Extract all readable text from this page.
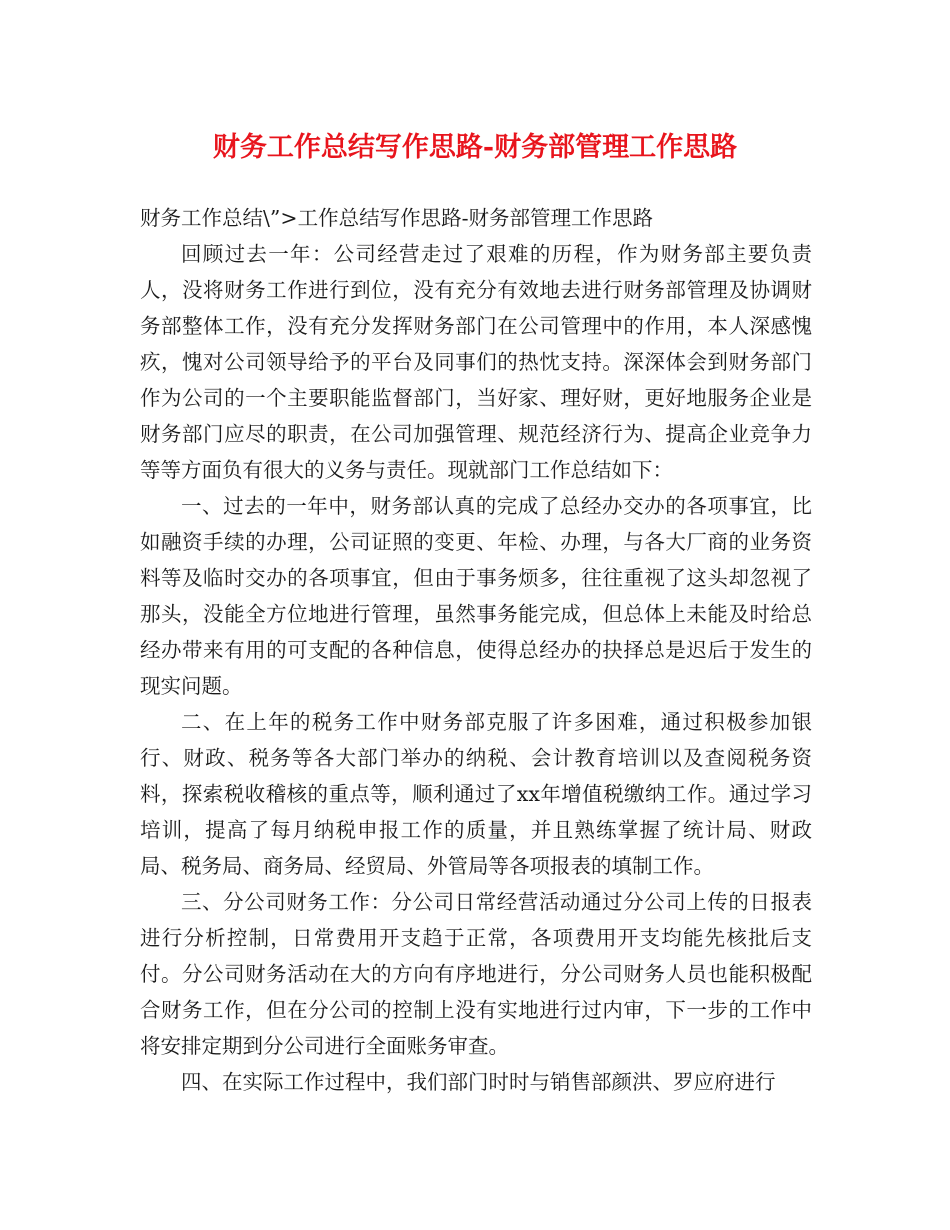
财务工作总结写作思路-财务部管理工作思路

财务工作总结\”>工作总结写作思路-财务部管理工作思路

回顾过去一年：公司经营走过了艰难的历程，作为财务部主要负责人，没将财务工作进行到位，没有充分有效地去进行财务部管理及协调财务部整体工作，没有充分发挥财务部门在公司管理中的作用，本人深感愧疚，愧对公司领导给予的平台及同事们的热忱支持。深深体会到财务部门作为公司的一个主要职能监督部门，当好家、理好财，更好地服务企业是财务部门应尽的职责，在公司加强管理、规范经济行为、提高企业竞争力等等方面负有很大的义务与责任。现就部门工作总结如下：

一、过去的一年中，财务部认真的完成了总经办交办的各项事宜，比如融资手续的办理，公司证照的变更、年检、办理，与各大厂商的业务资料等及临时交办的各项事宜，但由于事务烦多，往往重视了这头却忽视了那头，没能全方位地进行管理，虽然事务能完成，但总体上未能及时给总经办带来有用的可支配的各种信息，使得总经办的抉择总是迟后于发生的现实问题。

二、在上年的税务工作中财务部克服了许多困难，通过积极参加银行、财政、税务等各大部门举办的纳税、会计教育培训以及查阅税务资料，探索税收稽核的重点等，顺利通过了xx年增值税缴纳工作。通过学习培训，提高了每月纳税申报工作的质量，并且熟练掌握了统计局、财政局、税务局、商务局、经贸局、外管局等各项报表的填制工作。

三、分公司财务工作：分公司日常经营活动通过分公司上传的日报表进行分析控制，日常费用开支趋于正常，各项费用开支均能先核批后支付。分公司财务活动在大的方向有序地进行，分公司财务人员也能积极配合财务工作，但在分公司的控制上没有实地进行过内审，下一步的工作中将安排定期到分公司进行全面账务审查。

四、在实际工作过程中，我们部门时时与销售部颜洪、罗应府进行
